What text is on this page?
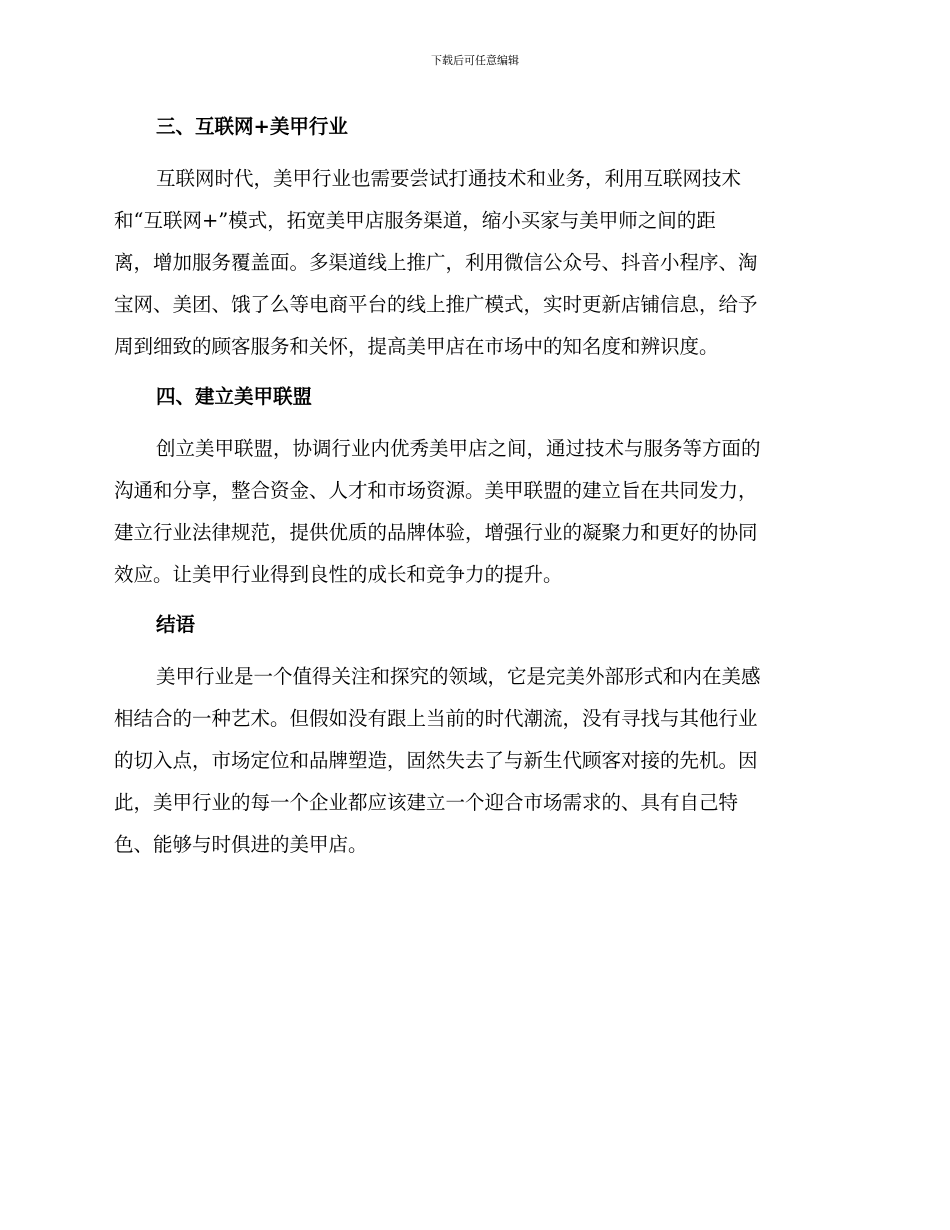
下载后可任意编辑
三、互联网+美甲行业
互联网时代，美甲行业也需要尝试打通技术和业务，利用互联网技术
和“互联网+”模式，拓宽美甲店服务渠道，缩小买家与美甲师之间的距
离，增加服务覆盖面。多渠道线上推广，利用微信公众号、抖音小程序、淘
宝网、美团、饿了么等电商平台的线上推广模式，实时更新店铺信息，给予
周到细致的顾客服务和关怀，提高美甲店在市场中的知名度和辨识度。
四、建立美甲联盟
创立美甲联盟，协调行业内优秀美甲店之间，通过技术与服务等方面的
沟通和分享，整合资金、人才和市场资源。美甲联盟的建立旨在共同发力，
建立行业法律规范，提供优质的品牌体验，增强行业的凝聚力和更好的协同
效应。让美甲行业得到良性的成长和竞争力的提升。
结语
美甲行业是一个值得关注和探究的领域，它是完美外部形式和内在美感
相结合的一种艺术。但假如没有跟上当前的时代潮流，没有寻找与其他行业
的切入点，市场定位和品牌塑造，固然失去了与新生代顾客对接的先机。因
此，美甲行业的每一个企业都应该建立一个迎合市场需求的、具有自己特
色、能够与时俱进的美甲店。
